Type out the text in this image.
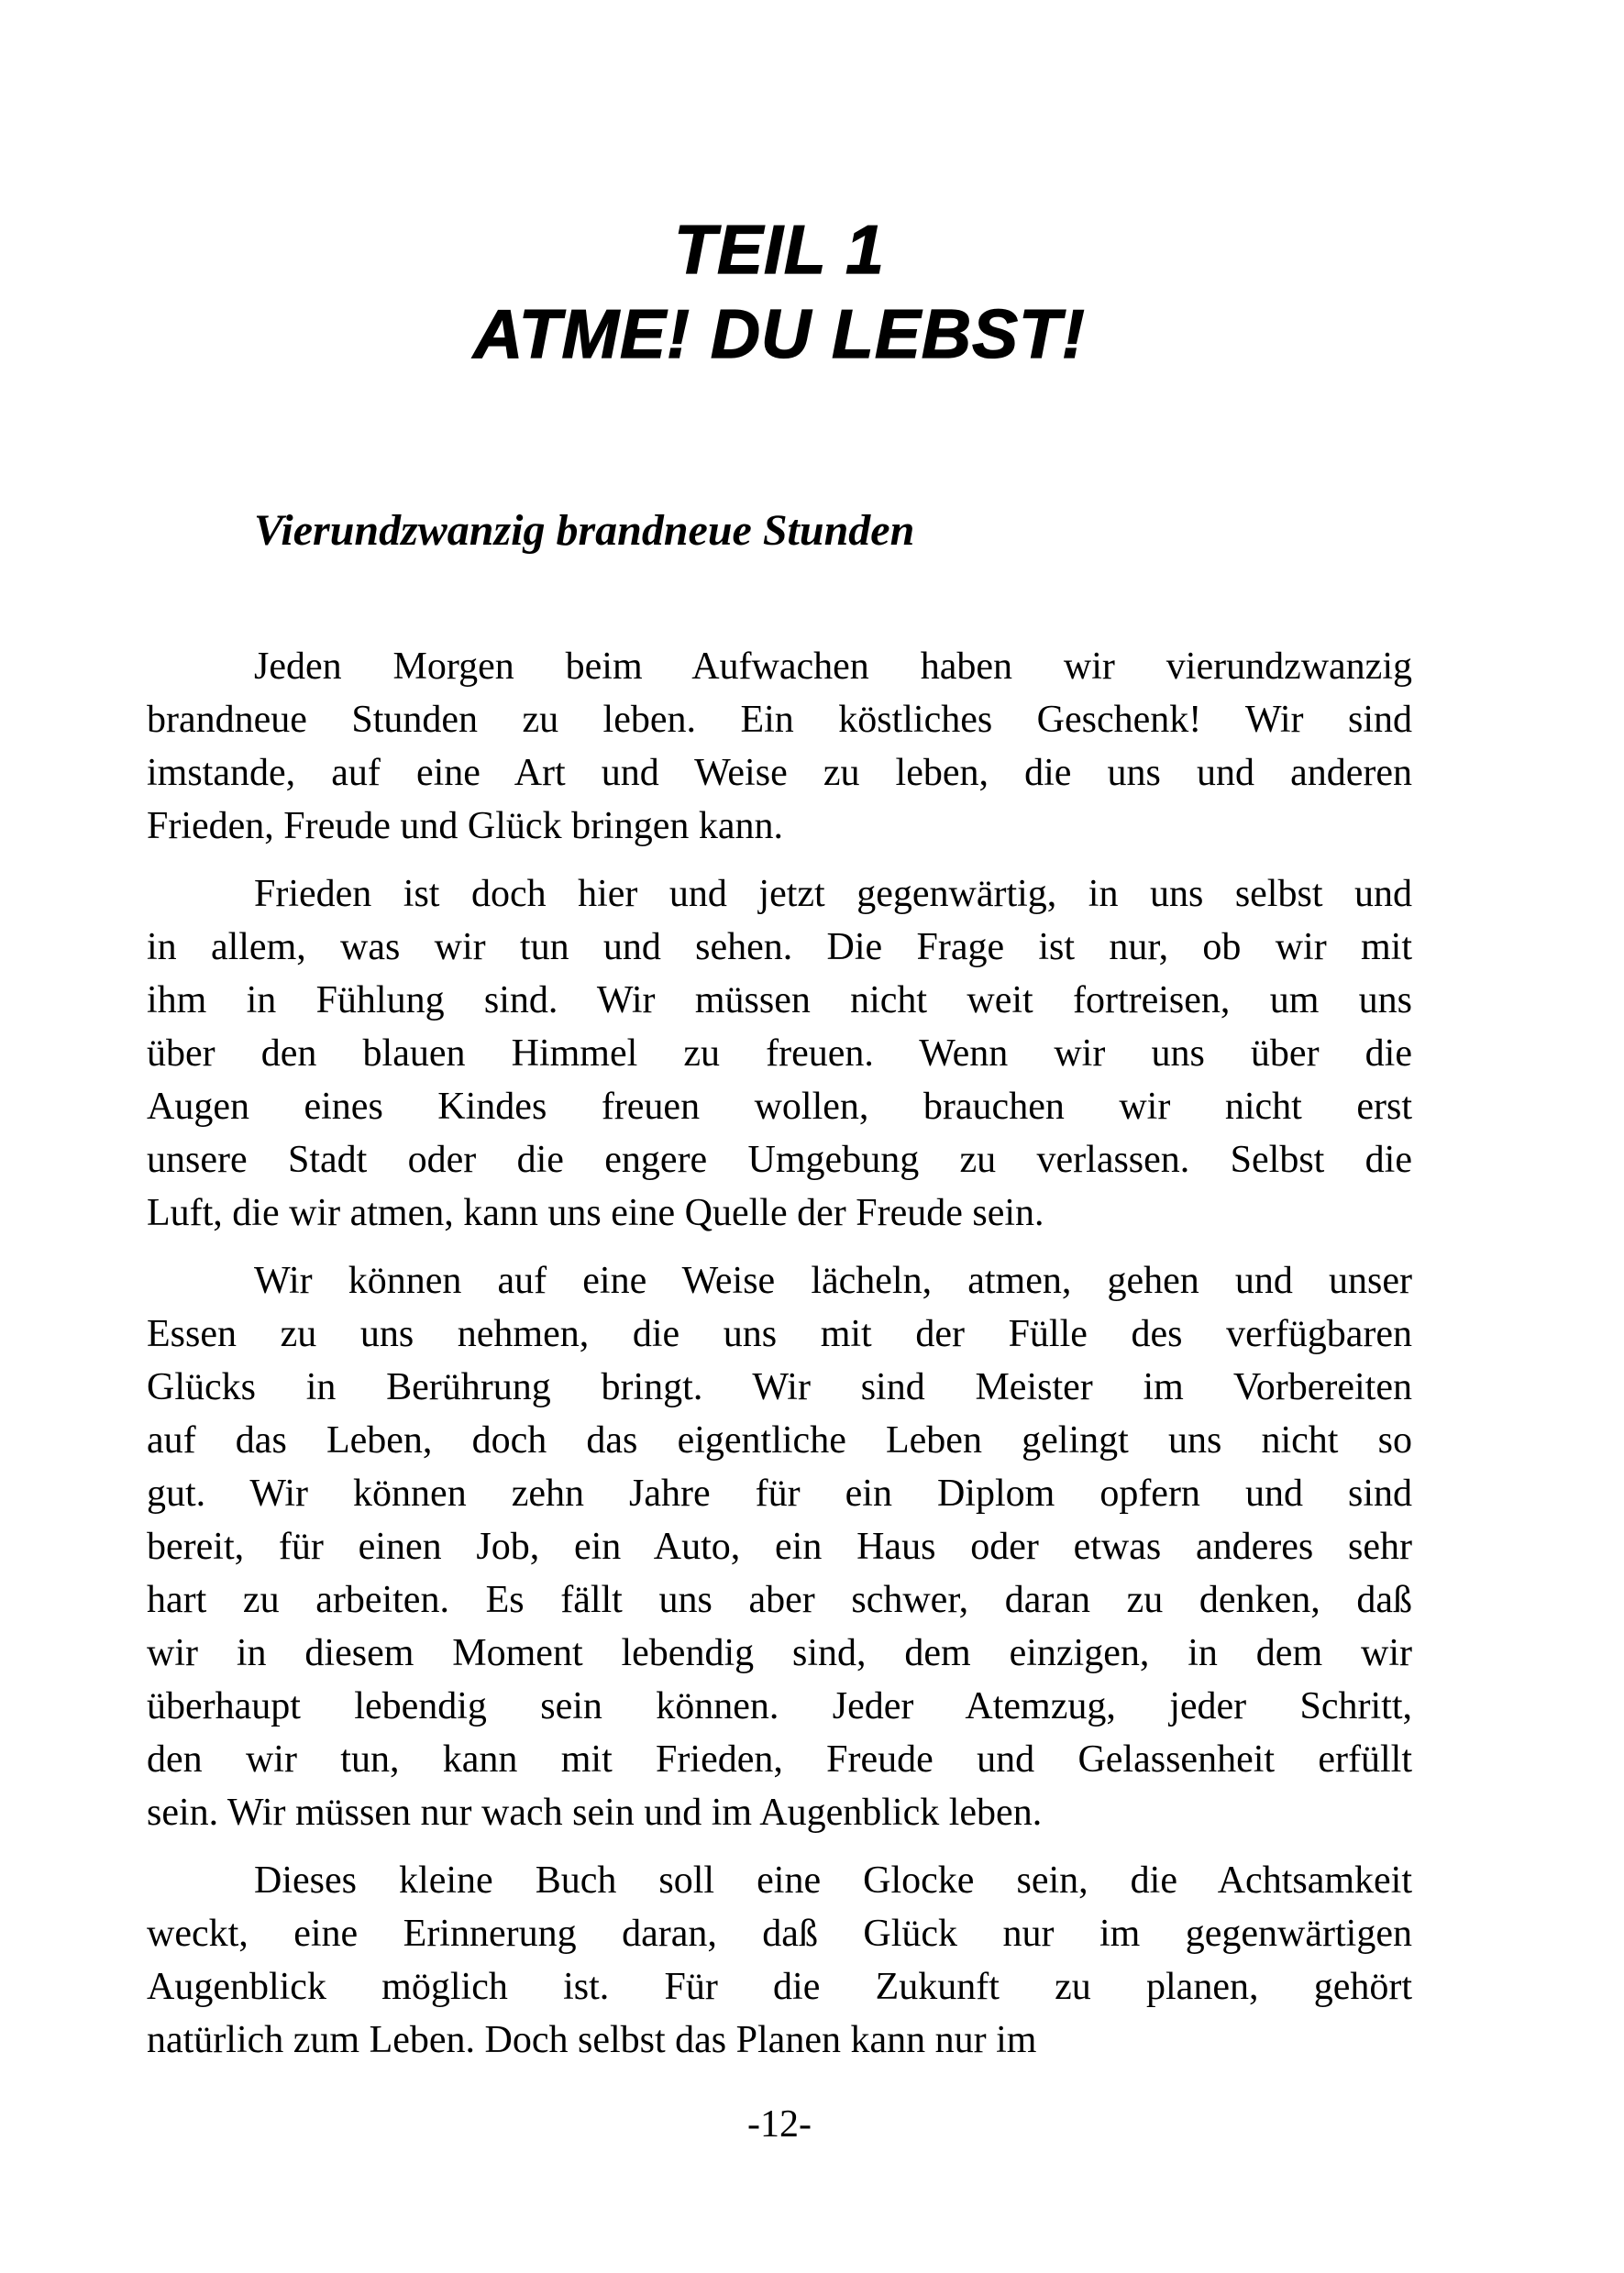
TEIL 1
ATME! DU LEBST!
Vierundzwanzig brandneue Stunden

Jeden Morgen beim Aufwachen haben wir vierundzwanzig
brandneue Stunden zu leben. Ein köstliches Geschenk! Wir sind
imstande, auf eine Art und Weise zu leben, die uns und anderen
Frieden, Freude und Glück bringen kann.

Frieden ist doch hier und jetzt gegenwärtig, in uns selbst und
in allem, was wir tun und sehen. Die Frage ist nur, ob wir mit
ihm in Fühlung sind. Wir müssen nicht weit fortreisen, um uns
über den blauen Himmel zu freuen. Wenn wir uns über die
Augen eines Kindes freuen wollen, brauchen wir nicht erst
unsere Stadt oder die engere Umgebung zu verlassen. Selbst die
Luft, die wir atmen, kann uns eine Quelle der Freude sein.

Wir können auf eine Weise lächeln, atmen, gehen und unser
Essen zu uns nehmen, die uns mit der Fülle des verfügbaren
Glücks in Berührung bringt. Wir sind Meister im Vorbereiten
auf das Leben, doch das eigentliche Leben gelingt uns nicht so
gut. Wir können zehn Jahre für ein Diplom opfern und sind
bereit, für einen Job, ein Auto, ein Haus oder etwas anderes sehr
hart zu arbeiten. Es fällt uns aber schwer, daran zu denken, daß
wir in diesem Moment lebendig sind, dem einzigen, in dem wir
überhaupt lebendig sein können. Jeder Atemzug, jeder Schritt,
den wir tun, kann mit Frieden, Freude und Gelassenheit erfüllt
sein. Wir müssen nur wach sein und im Augenblick leben.

Dieses kleine Buch soll eine Glocke sein, die Achtsamkeit
weckt, eine Erinnerung daran, daß Glück nur im gegenwärtigen
Augenblick möglich ist. Für die Zukunft zu planen, gehört
natürlich zum Leben. Doch selbst das Planen kann nur im

-12-
